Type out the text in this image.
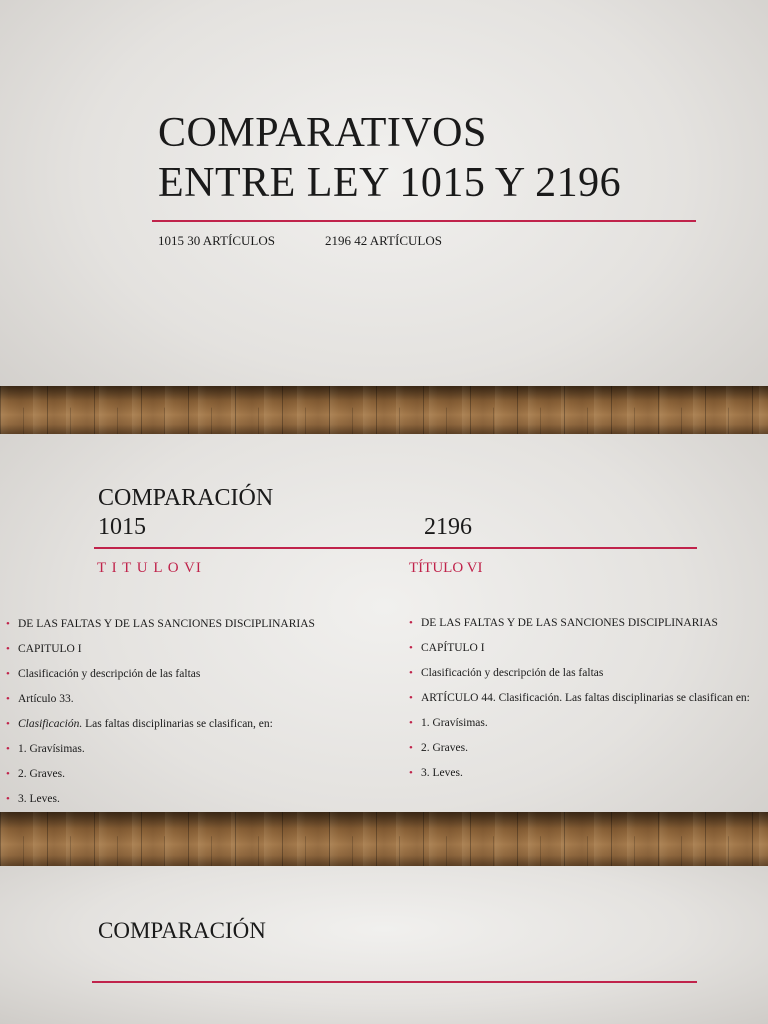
COMPARATIVOS
ENTRE LEY 1015 Y 2196
1015 30 ARTÍCULOS	2196 42 ARTÍCULOS
COMPARACIÓN
1015	2196
T I T U L O VI	TÍTULO VI
• DE LAS FALTAS Y DE LAS SANCIONES DISCIPLINARIAS
• CAPITULO I
• Clasificación y descripción de las faltas
• Artículo 33.
• Clasificación. Las faltas disciplinarias se clasifican, en:
• 1. Gravísimas.
• 2. Graves.
• 3. Leves.
• DE LAS FALTAS Y DE LAS SANCIONES DISCIPLINARIAS
• CAPÍTULO I
• Clasificación y descripción de las faltas
• ARTÍCULO 44. Clasificación. Las faltas disciplinarias se clasifican en:
• 1. Gravísimas.
• 2. Graves.
• 3. Leves.
COMPARACIÓN
